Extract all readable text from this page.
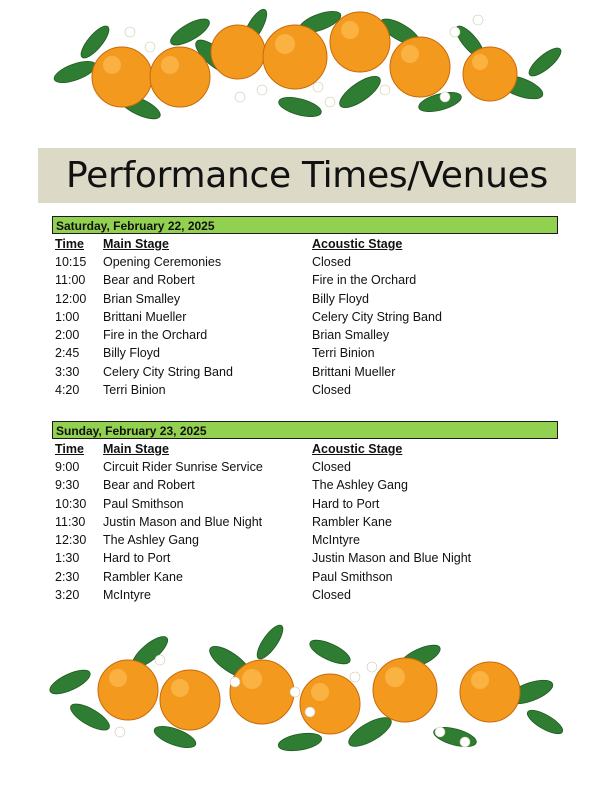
Performance Times/Venues
Saturday, February 22, 2025
Time Main Stage	Acoustic Stage
10:15 Opening Ceremonies	Closed
11:00 Bear and Robert	Fire in the Orchard
12:00 Brian Smalley	Billy Floyd
1:00 Brittani Mueller	Celery City String Band
2:00 Fire in the Orchard	Brian Smalley
2:45 Billy Floyd	Terri Binion
3:30 Celery City String Band	Brittani Mueller
4:20 Terri Binion	Closed
Sunday, February 23, 2025
Time Main Stage	Acoustic Stage
9:00 Circuit Rider Sunrise Service	Closed
9:30 Bear and Robert	The Ashley Gang
10:30 Paul Smithson	Hard to Port
11:30 Justin Mason and Blue Night	Rambler Kane
12:30 The Ashley Gang	McIntyre
1:30 Hard to Port	Justin Mason and Blue Night
2:30 Rambler Kane	Paul Smithson
3:20 McIntyre	Closed
